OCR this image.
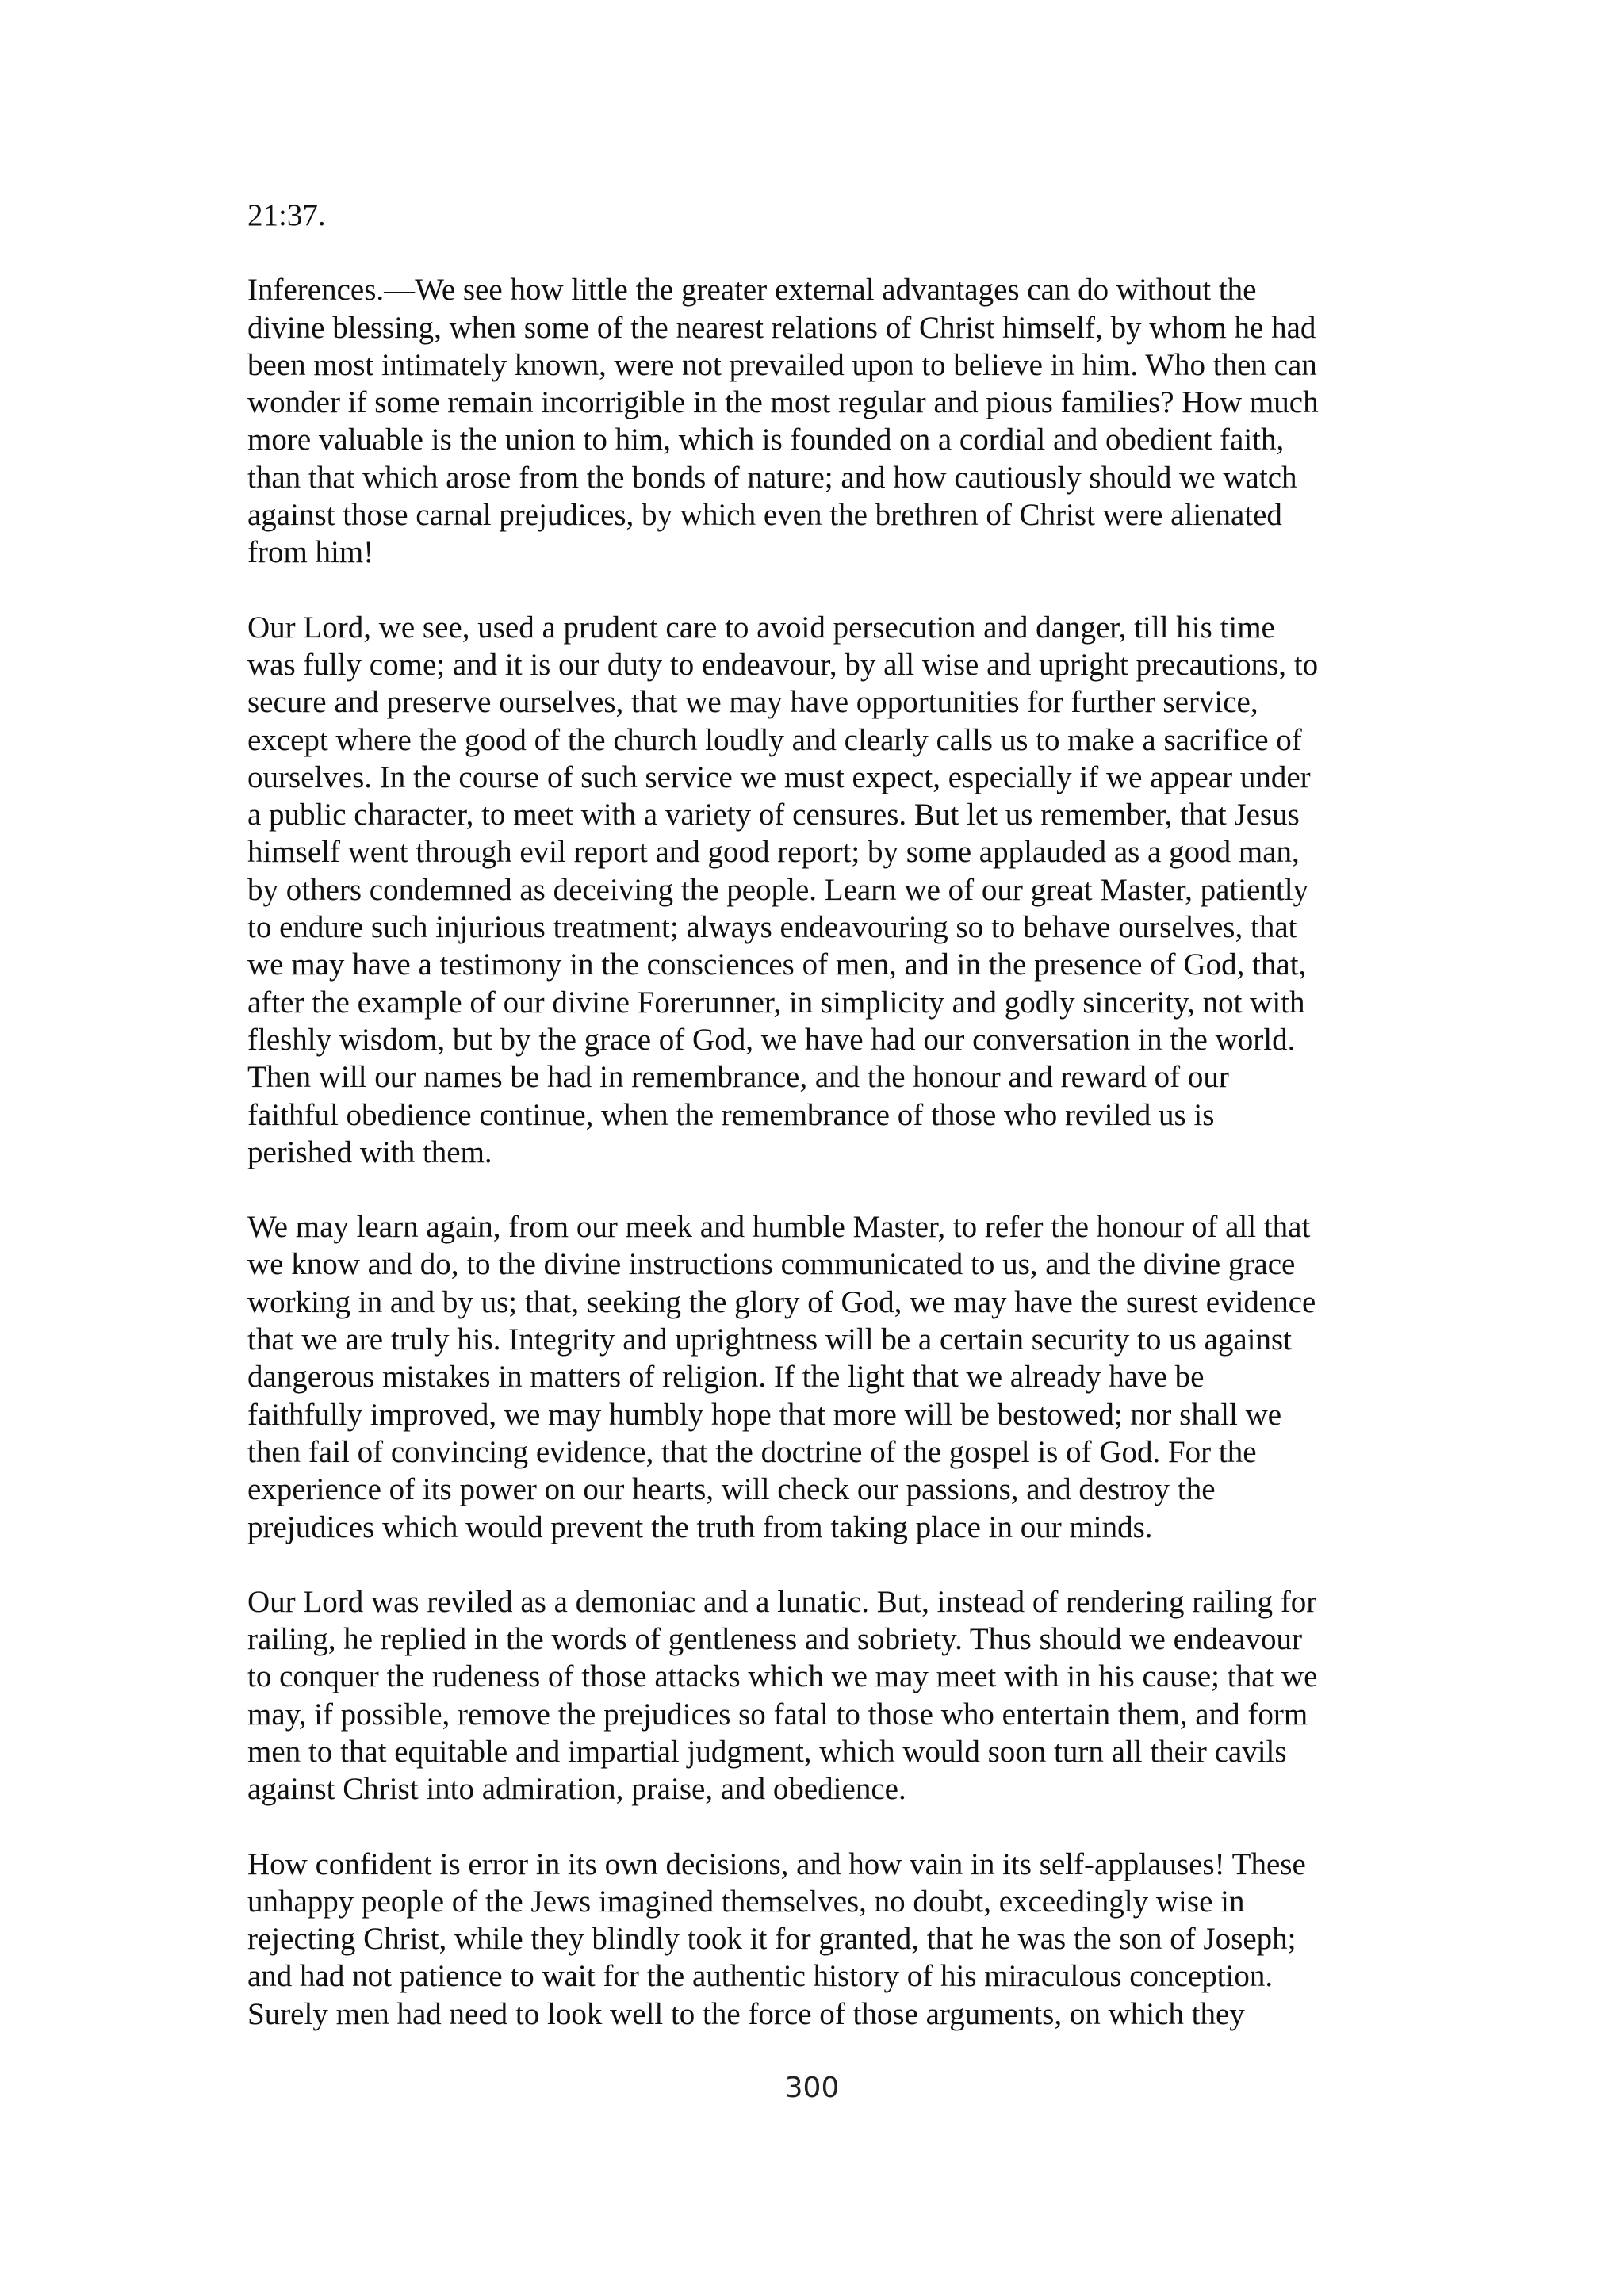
21:37.
Inferences.—We see how little the greater external advantages can do without the
divine blessing, when some of the nearest relations of Christ himself, by whom he had
been most intimately known, were not prevailed upon to believe in him. Who then can
wonder if some remain incorrigible in the most regular and pious families? How much
more valuable is the union to him, which is founded on a cordial and obedient faith,
than that which arose from the bonds of nature; and how cautiously should we watch
against those carnal prejudices, by which even the brethren of Christ were alienated
from him!
Our Lord, we see, used a prudent care to avoid persecution and danger, till his time
was fully come; and it is our duty to endeavour, by all wise and upright precautions, to
secure and preserve ourselves, that we may have opportunities for further service,
except where the good of the church loudly and clearly calls us to make a sacrifice of
ourselves. In the course of such service we must expect, especially if we appear under
a public character, to meet with a variety of censures. But let us remember, that Jesus
himself went through evil report and good report; by some applauded as a good man,
by others condemned as deceiving the people. Learn we of our great Master, patiently
to endure such injurious treatment; always endeavouring so to behave ourselves, that
we may have a testimony in the consciences of men, and in the presence of God, that,
after the example of our divine Forerunner, in simplicity and godly sincerity, not with
fleshly wisdom, but by the grace of God, we have had our conversation in the world.
Then will our names be had in remembrance, and the honour and reward of our
faithful obedience continue, when the remembrance of those who reviled us is
perished with them.
We may learn again, from our meek and humble Master, to refer the honour of all that
we know and do, to the divine instructions communicated to us, and the divine grace
working in and by us; that, seeking the glory of God, we may have the surest evidence
that we are truly his. Integrity and uprightness will be a certain security to us against
dangerous mistakes in matters of religion. If the light that we already have be
faithfully improved, we may humbly hope that more will be bestowed; nor shall we
then fail of convincing evidence, that the doctrine of the gospel is of God. For the
experience of its power on our hearts, will check our passions, and destroy the
prejudices which would prevent the truth from taking place in our minds.
Our Lord was reviled as a demoniac and a lunatic. But, instead of rendering railing for
railing, he replied in the words of gentleness and sobriety. Thus should we endeavour
to conquer the rudeness of those attacks which we may meet with in his cause; that we
may, if possible, remove the prejudices so fatal to those who entertain them, and form
men to that equitable and impartial judgment, which would soon turn all their cavils
against Christ into admiration, praise, and obedience.
How confident is error in its own decisions, and how vain in its self-applauses! These
unhappy people of the Jews imagined themselves, no doubt, exceedingly wise in
rejecting Christ, while they blindly took it for granted, that he was the son of Joseph;
and had not patience to wait for the authentic history of his miraculous conception.
Surely men had need to look well to the force of those arguments, on which they
300
